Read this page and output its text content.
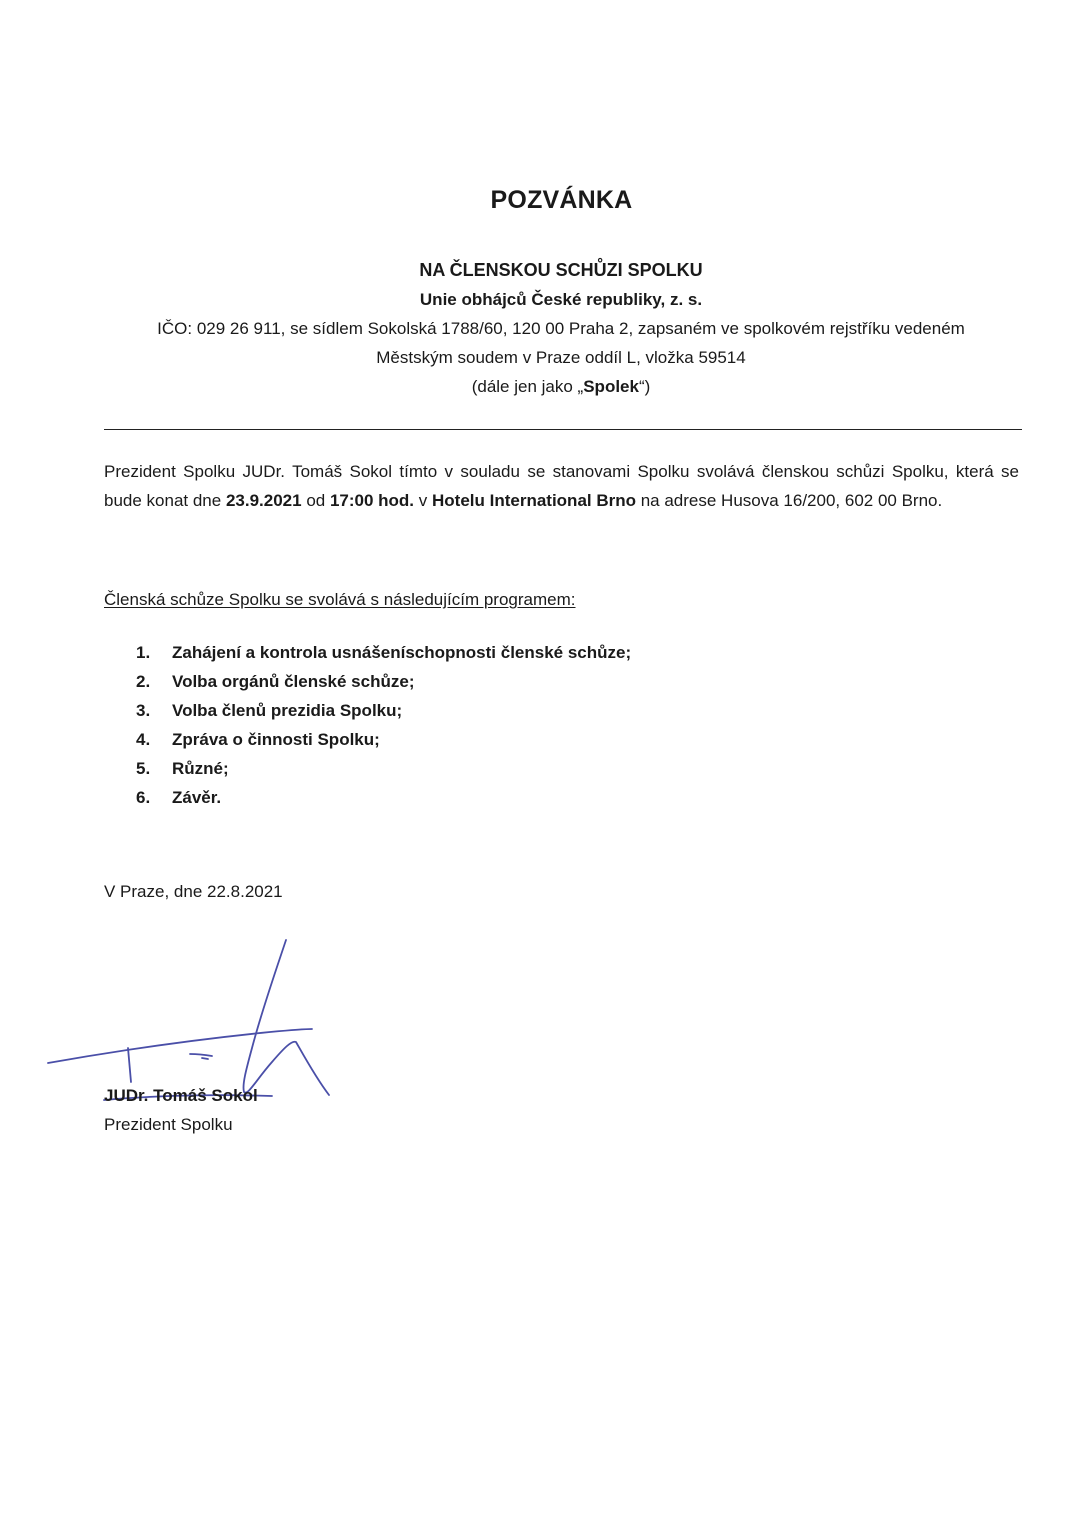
POZVÁNKA
NA ČLENSKOU SCHŮZI SPOLKU
Unie obhájců České republiky, z. s.
IČO: 029 26 911, se sídlem Sokolská 1788/60, 120 00 Praha 2, zapsaném ve spolkovém rejstříku vedeném
Městským soudem v Praze oddíl L, vložka 59514
(dále jen jako „Spolek“)
Prezident Spolku JUDr. Tomáš Sokol tímto v souladu se stanovami Spolku svolává členskou schůzi Spolku, která se bude konat dne 23.9.2021 od 17:00 hod. v Hotelu International Brno na adrese Husova 16/200, 602 00 Brno.
Členská schůze Spolku se svolává s následujícím programem:
1.	Zahájení a kontrola usnášeníschopnosti členské schůze;
2.	Volba orgánů členské schůze;
3.	Volba členů prezidia Spolku;
4.	Zpráva o činnosti Spolku;
5.	Různé;
6.	Závěr.
V Praze, dne 22.8.2021
JUDr. Tomáš Sokol
Prezident Spolku
